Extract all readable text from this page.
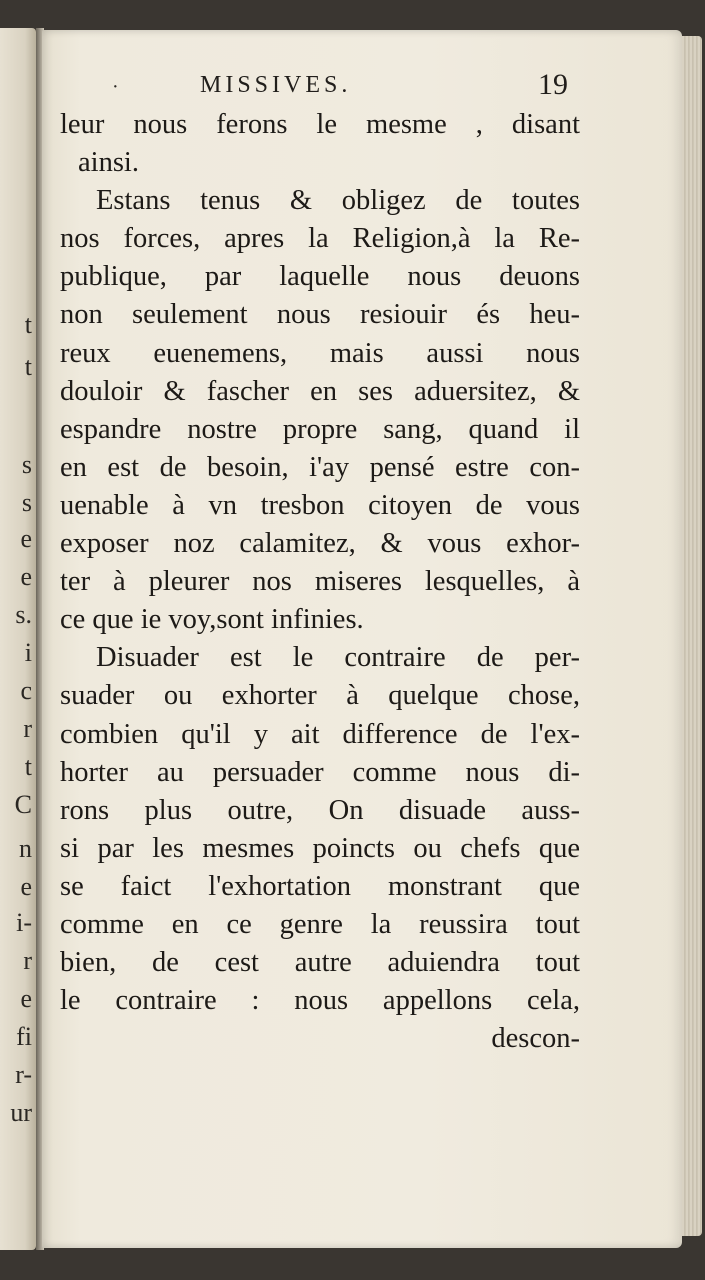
t
t
s
s
e
e
s.
i
c
r
t
C
n
e
i-
r
e
fi
r-
ur
·	MISSIVES.	19
leur nous ferons le mesme , disant
ainsi.
Estans tenus & obligez de toutes
nos forces, apres la Religion,à la Re-
publique, par laquelle nous deuons
non seulement nous resiouir és heu-
reux euenemens, mais aussi nous
douloir & fascher en ses aduersitez, &
espandre nostre propre sang, quand il
en est de besoin, i'ay pensé estre con-
uenable à vn tresbon citoyen de vous
exposer noz calamitez, & vous exhor-
ter à pleurer nos miseres lesquelles, à
ce que ie voy,sont infinies.
Disuader est le contraire de per-
suader ou exhorter à quelque chose,
combien qu'il y ait difference de l'ex-
horter au persuader comme nous di-
rons plus outre, On disuade auss-
si par les mesmes poincts ou chefs que
se faict l'exhortation monstrant que
comme en ce genre la reussira tout
bien, de cest autre aduiendra tout
le contraire : nous appellons cela,
descon-
